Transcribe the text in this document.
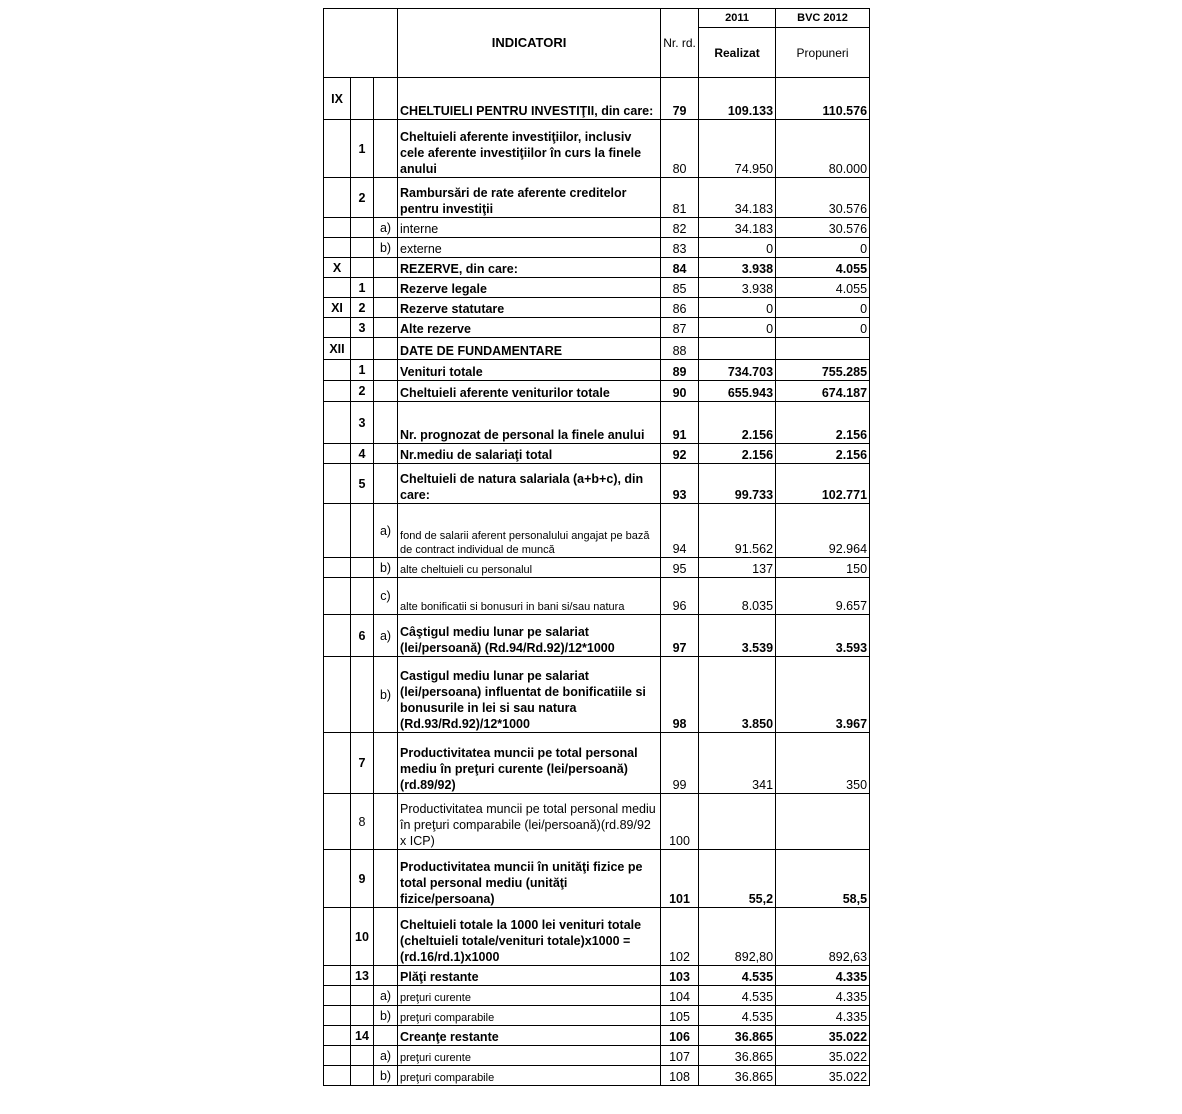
			INDICATORI	Nr. rd.	2011	BVC 2012
					Realizat	Propuneri
IX			CHELTUIELI PENTRU INVESTIŢII, din care:	79	109.133	110.576
	1		Cheltuieli aferente investiţiilor, inclusiv cele aferente investiţiilor în curs la finele anului	80	74.950	80.000
	2		Rambursări de rate aferente creditelor pentru investiţii	81	34.183	30.576
		a)	interne	82	34.183	30.576
		b)	externe	83	0	0
X			REZERVE, din care:	84	3.938	4.055
	1		Rezerve legale	85	3.938	4.055
XI	2		Rezerve statutare	86	0	0
	3		Alte rezerve	87	0	0
XII			DATE DE FUNDAMENTARE	88		
	1		Venituri totale	89	734.703	755.285
	2		Cheltuieli aferente veniturilor totale	90	655.943	674.187
	3		Nr. prognozat de personal la finele anului	91	2.156	2.156
	4		Nr.mediu de salariaţi total	92	2.156	2.156
	5		Cheltuieli de natura salariala (a+b+c), din care:	93	99.733	102.771
		a)	fond de salarii aferent personalului angajat pe bază de contract individual de muncă	94	91.562	92.964
		b)	alte cheltuieli cu personalul	95	137	150
		c)	alte bonificatii si bonusuri in bani si/sau natura	96	8.035	9.657
	6	a)	Câştigul mediu lunar pe salariat (lei/persoană) (Rd.94/Rd.92)/12*1000	97	3.539	3.593
		b)	Castigul mediu lunar pe salariat (lei/persoana) influentat de bonificatiile si bonusurile in lei si sau natura (Rd.93/Rd.92)/12*1000	98	3.850	3.967
	7		Productivitatea muncii pe total personal mediu în preţuri curente (lei/persoană)(rd.89/92)	99	341	350
	8		Productivitatea muncii pe total personal mediu în preţuri comparabile (lei/persoană)(rd.89/92 x ICP)	100		
	9		Productivitatea muncii în unităţi fizice pe total personal mediu (unităţi fizice/persoana)	101	55,2	58,5
	10		Cheltuieli totale la 1000 lei venituri totale (cheltuieli totale/venituri totale)x1000 =(rd.16/rd.1)x1000	102	892,80	892,63
	13		Plăţi restante	103	4.535	4.335
		a)	preţuri curente	104	4.535	4.335
		b)	preţuri comparabile	105	4.535	4.335
	14		Creanţe restante	106	36.865	35.022
		a)	preţuri curente	107	36.865	35.022
		b)	preţuri comparabile	108	36.865	35.022
